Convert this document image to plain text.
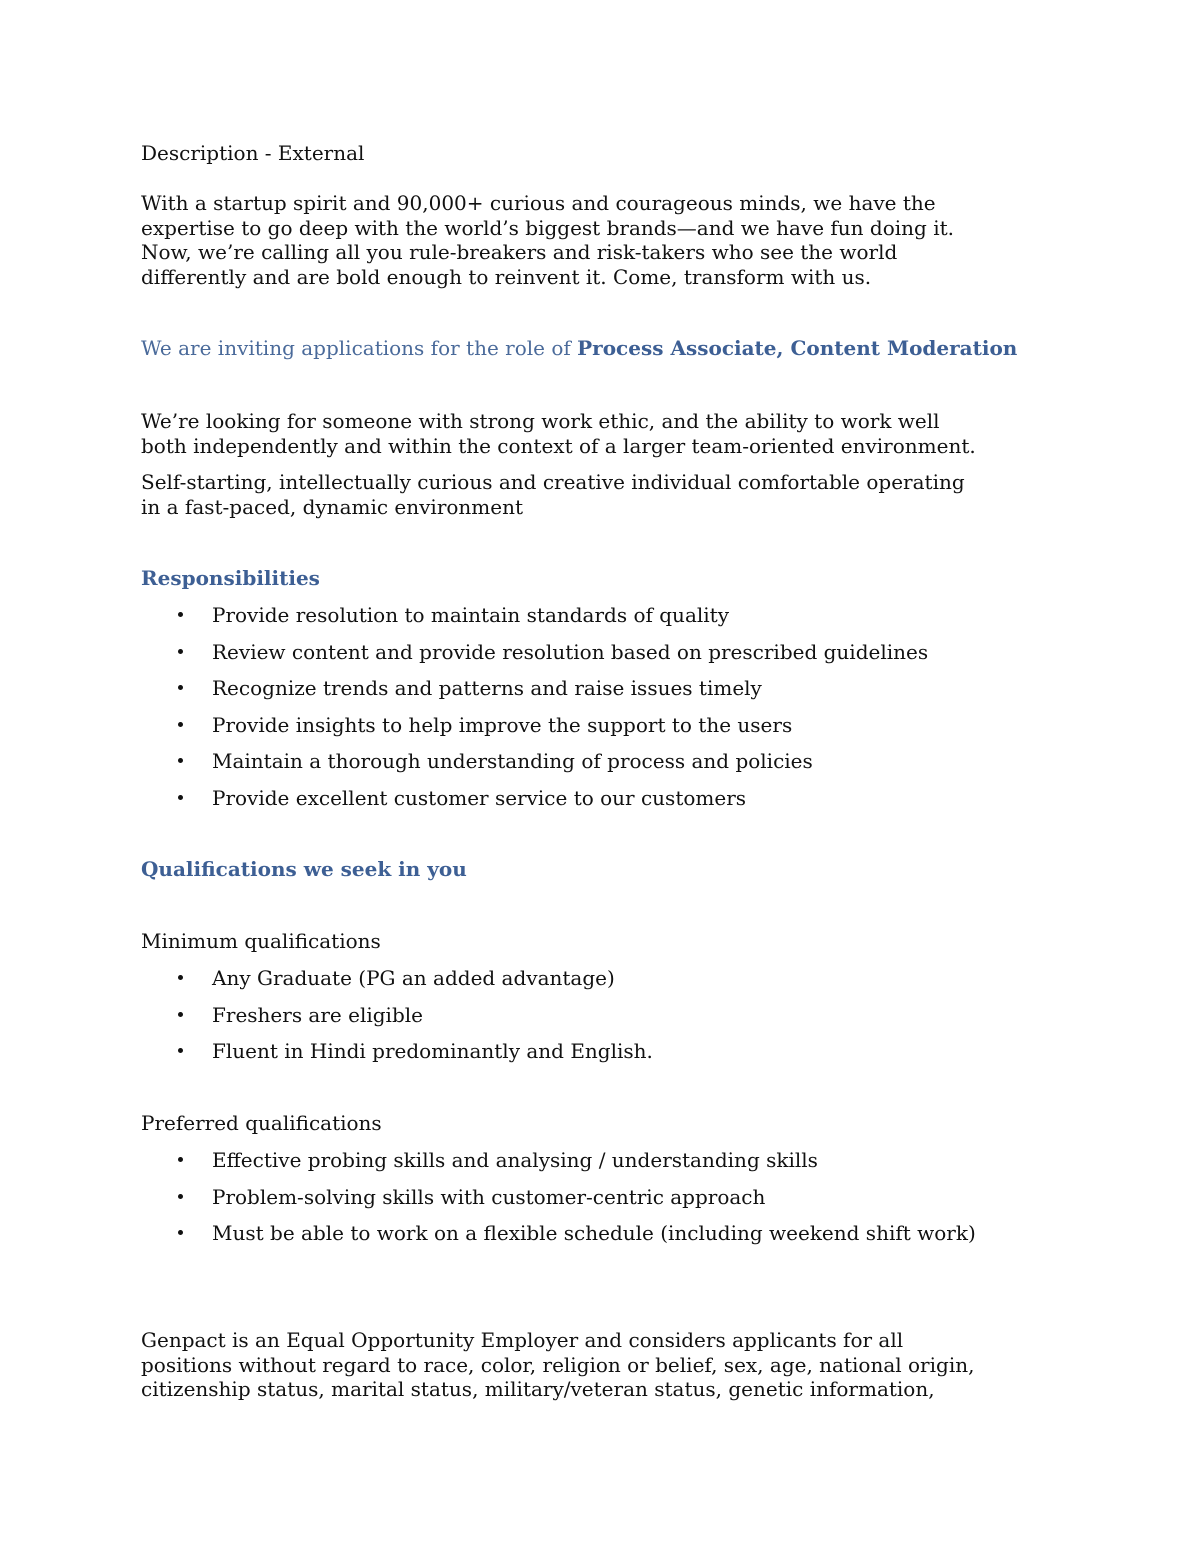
Description - External
With a startup spirit and 90,000+ curious and courageous minds, we have the
expertise to go deep with the world’s biggest brands—and we have fun doing it.
Now, we’re calling all you rule-breakers and risk-takers who see the world
differently and are bold enough to reinvent it. Come, transform with us.
We are inviting applications for the role of Process Associate, Content Moderation
We’re looking for someone with strong work ethic, and the ability to work well
both independently and within the context of a larger team-oriented environment.
Self-starting, intellectually curious and creative individual comfortable operating
in a fast-paced, dynamic environment
Responsibilities
Provide resolution to maintain standards of quality
Review content and provide resolution based on prescribed guidelines
Recognize trends and patterns and raise issues timely
Provide insights to help improve the support to the users
Maintain a thorough understanding of process and policies
Provide excellent customer service to our customers
Qualifications we seek in you
Minimum qualifications
Any Graduate (PG an added advantage)
Freshers are eligible
Fluent in Hindi predominantly and English.
Preferred qualifications
Effective probing skills and analysing / understanding skills
Problem-solving skills with customer-centric approach
Must be able to work on a flexible schedule (including weekend shift work)
Genpact is an Equal Opportunity Employer and considers applicants for all
positions without regard to race, color, religion or belief, sex, age, national origin,
citizenship status, marital status, military/veteran status, genetic information,
